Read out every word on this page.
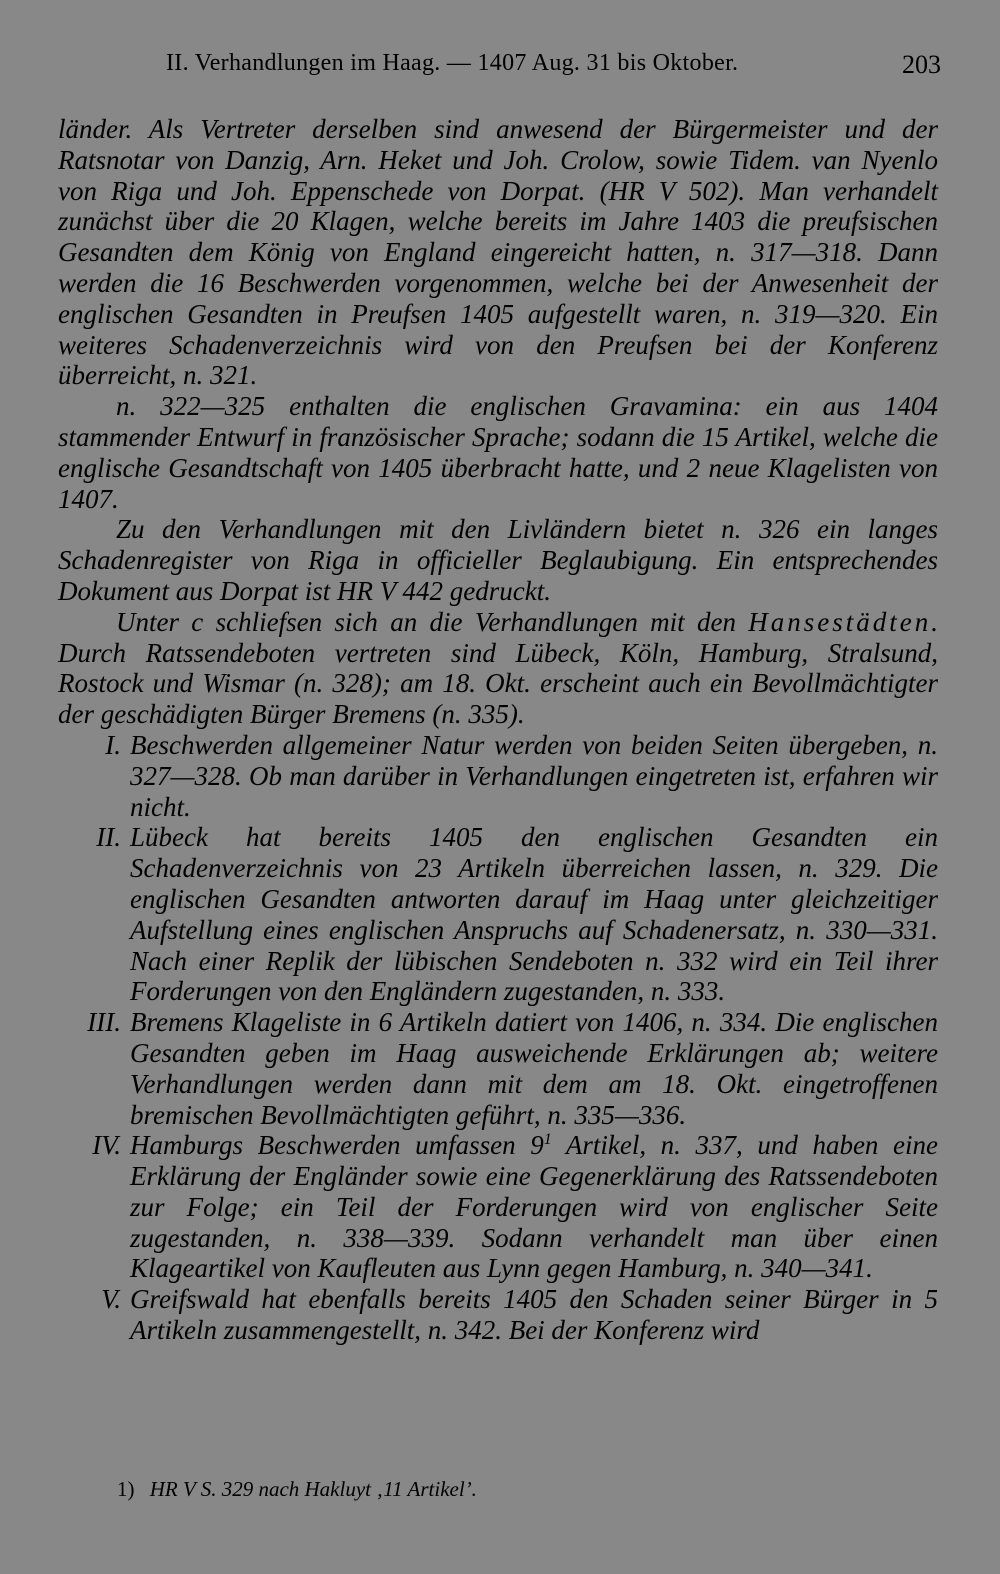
II. Verhandlungen im Haag. — 1407 Aug. 31 bis Oktober.	203

länder. Als Vertreter derselben sind anwesend der Bürgermeister und der Ratsnotar von Danzig, Arn. Heket und Joh. Crolow, sowie Tidem. van Nyenlo von Riga und Joh. Eppenschede von Dorpat. (HR V 502). Man verhandelt zunächst über die 20 Klagen, welche bereits im Jahre 1403 die preufsischen Gesandten dem König von England eingereicht hatten, n. 317—318. Dann werden die 16 Beschwerden vorgenommen, welche bei der Anwesenheit der englischen Gesandten in Preufsen 1405 aufgestellt waren, n. 319—320. Ein weiteres Schadenverzeichnis wird von den Preufsen bei der Konferenz überreicht, n. 321.

n. 322—325 enthalten die englischen Gravamina: ein aus 1404 stammender Entwurf in französischer Sprache; sodann die 15 Artikel, welche die englische Gesandtschaft von 1405 überbracht hatte, und 2 neue Klagelisten von 1407.

Zu den Verhandlungen mit den Livländern bietet n. 326 ein langes Schadenregister von Riga in officieller Beglaubigung. Ein entsprechendes Dokument aus Dorpat ist HR V 442 gedruckt.

Unter c schliefsen sich an die Verhandlungen mit den Hansestädten. Durch Ratssendeboten vertreten sind Lübeck, Köln, Hamburg, Stralsund, Rostock und Wismar (n. 328); am 18. Okt. erscheint auch ein Bevollmächtigter der geschädigten Bürger Bremens (n. 335).

I. Beschwerden allgemeiner Natur werden von beiden Seiten übergeben, n. 327—328. Ob man darüber in Verhandlungen eingetreten ist, erfahren wir nicht.
II. Lübeck hat bereits 1405 den englischen Gesandten ein Schadenverzeichnis von 23 Artikeln überreichen lassen, n. 329. Die englischen Gesandten antworten darauf im Haag unter gleichzeitiger Aufstellung eines englischen Anspruchs auf Schadenersatz, n. 330—331. Nach einer Replik der lübischen Sendeboten n. 332 wird ein Teil ihrer Forderungen von den Engländern zugestanden, n. 333.
III. Bremens Klageliste in 6 Artikeln datiert von 1406, n. 334. Die englischen Gesandten geben im Haag ausweichende Erklärungen ab; weitere Verhandlungen werden dann mit dem am 18. Okt. eingetroffenen bremischen Bevollmächtigten geführt, n. 335—336.
IV. Hamburgs Beschwerden umfassen $9^1$ Artikel, n. 337, und haben eine Erklärung der Engländer sowie eine Gegenerklärung des Ratssendeboten zur Folge; ein Teil der Forderungen wird von englischer Seite zugestanden, n. 338—339. Sodann verhandelt man über einen Klageartikel von Kaufleuten aus Lynn gegen Hamburg, n. 340—341.
V. Greifswald hat ebenfalls bereits 1405 den Schaden seiner Bürger in 5 Artikeln zusammengestellt, n. 342. Bei der Konferenz wird
1) HR V S. 329 nach Hakluyt ‚11 Artikel’.
